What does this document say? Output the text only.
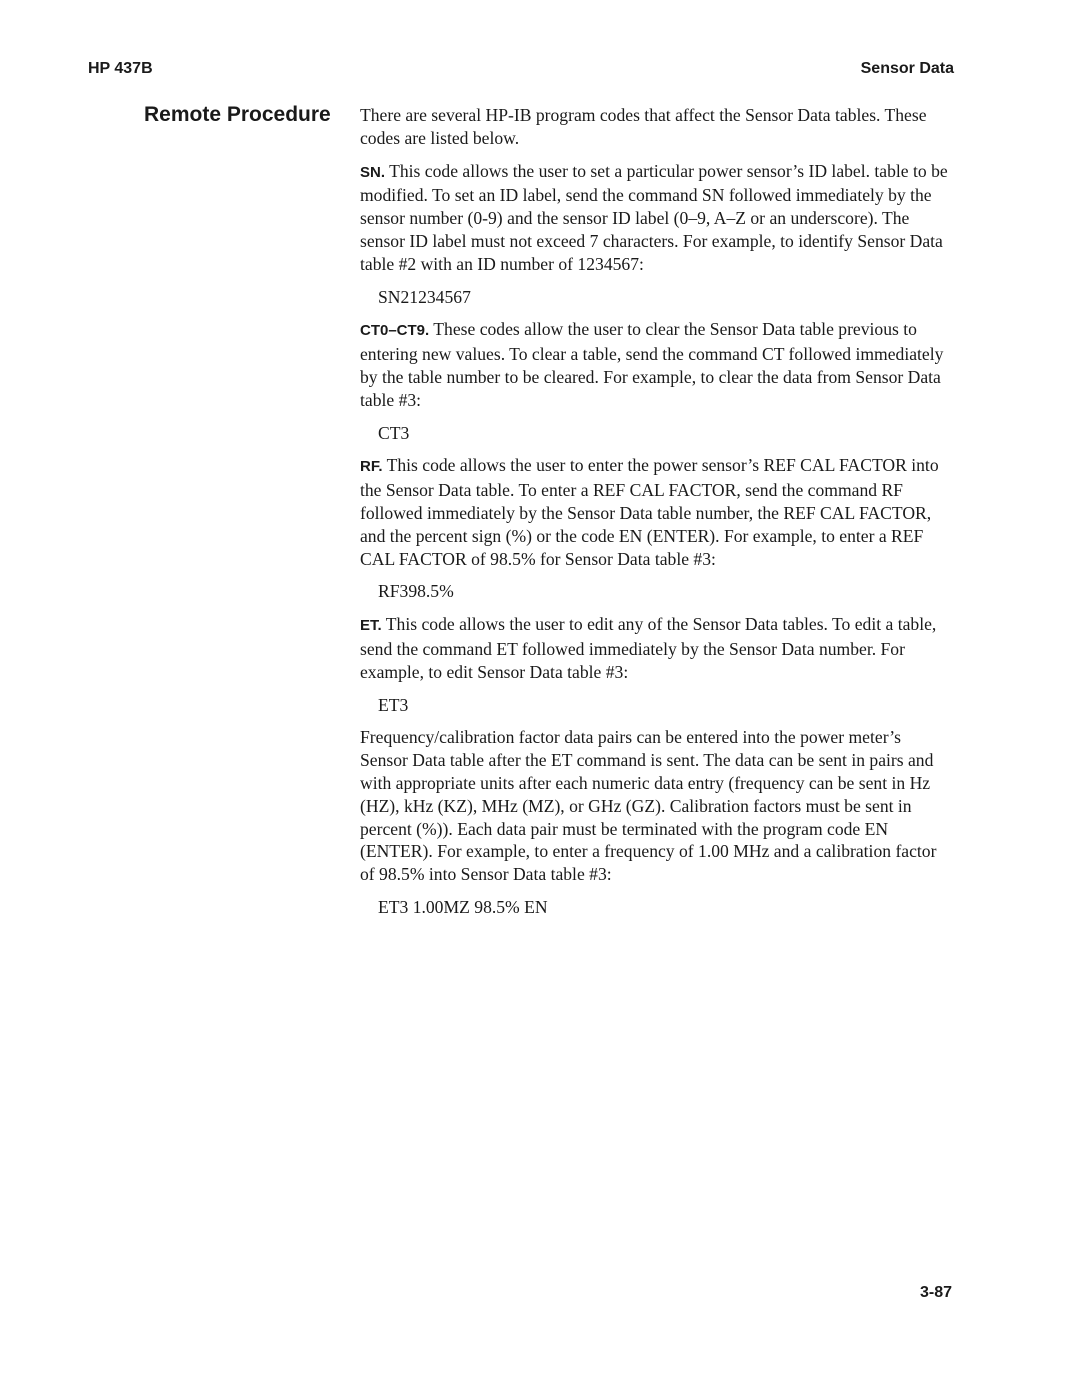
HP 437B	Sensor Data
Remote Procedure There are several HP-IB program codes that affect the Sensor Data tables. These codes are listed below.

SN. This code allows the user to set a particular power sensor’s ID label. table to be modified. To set an ID label, send the command SN followed immediately by the sensor number (0-9) and the sensor ID label (0–9, A–Z or an underscore). The sensor ID label must not exceed 7 characters. For example, to identify Sensor Data table #2 with an ID number of 1234567:

SN21234567

CT0–CT9. These codes allow the user to clear the Sensor Data table previous to entering new values. To clear a table, send the command CT followed immediately by the table number to be cleared. For example, to clear the data from Sensor Data table #3:

CT3

RF. This code allows the user to enter the power sensor’s REF CAL FACTOR into the Sensor Data table. To enter a REF CAL FACTOR, send the command RF followed immediately by the Sensor Data table number, the REF CAL FACTOR, and the percent sign (%) or the code EN (ENTER). For example, to enter a REF CAL FACTOR of 98.5% for Sensor Data table #3:

RF398.5%

ET. This code allows the user to edit any of the Sensor Data tables. To edit a table, send the command ET followed immediately by the Sensor Data number. For example, to edit Sensor Data table #3:

ET3

Frequency/calibration factor data pairs can be entered into the power meter’s Sensor Data table after the ET command is sent. The data can be sent in pairs and with appropriate units after each numeric data entry (frequency can be sent in Hz (HZ), kHz (KZ), MHz (MZ), or GHz (GZ). Calibration factors must be sent in percent (%)). Each data pair must be terminated with the program code EN (ENTER). For example, to enter a frequency of 1.00 MHz and a calibration factor of 98.5% into Sensor Data table #3:

ET3 1.00MZ 98.5% EN
3-87
